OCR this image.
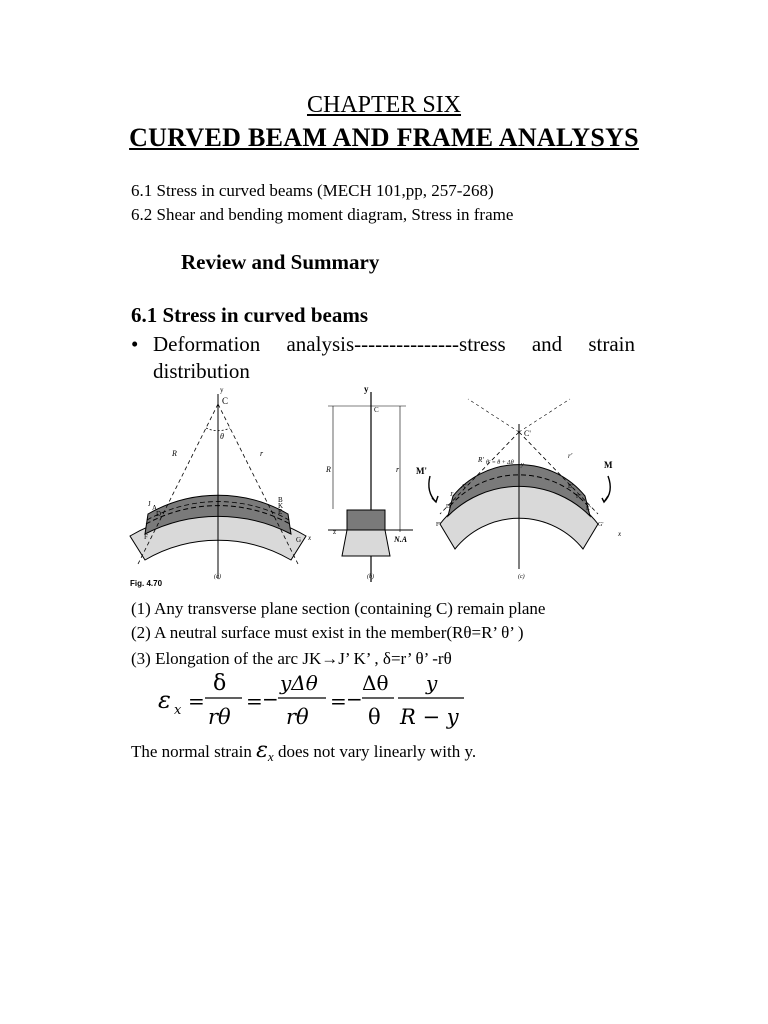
CHAPTER SIX
CURVED BEAM AND FRAME ANALYSYS
6.1 Stress in curved beams (MECH 101,pp, 257-268)
6.2 Shear and bending moment diagram, Stress in frame
Review and Summary
6.1 Stress in curved beams
• Deformation analysis---------------stress and strain
distribution
C
y
θ
R	r
A
B
D	E
J	K
F	G x
(a)
y
C
R	r
z
N.A
(b)
C'
θ' = θ + Δθ
R'	r'
M'
M
A'	B'
J'	K'
D'	E'
F'	G'
x
y
(c)
Fig. 4.70
(1) Any transverse plane section (containing C) remain plane
(2) A neutral surface must exist in the member(Rθ=R’ θ’ )
(3) Elongation of the arc JK→J’ K’ , δ=r’ θ’ -rθ
ε x =
δ
rθ
= −
yΔθ
rθ
= −
Δθ
θ
y
R − y
The normal strain $\varepsilon_x$ does not vary linearly with y.
